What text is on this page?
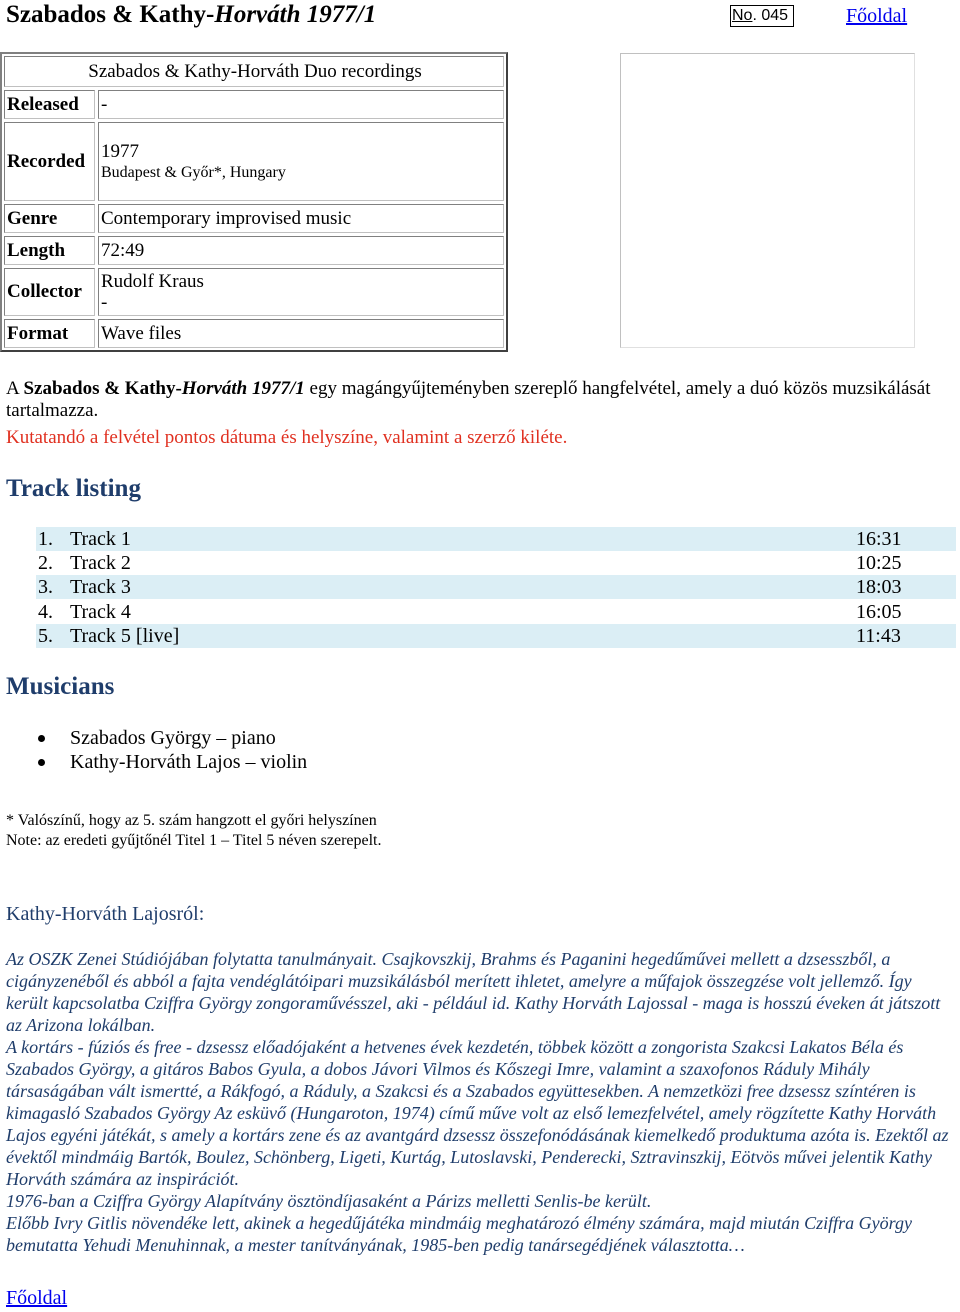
Szabados & Kathy-Horváth 1977/1	No. 045	Főoldal
Szabados & Kathy-Horváth Duo recordings
Released	-
Recorded 1977
Budapest & Győr*, Hungary
Genre	Contemporary improvised music
Length	72:49
Collector	Rudolf Kraus
-
Format	Wave files
A Szabados & Kathy-Horváth 1977/1 egy magángyűjteményben szereplő hangfelvétel, amely a duó közös muzsikálását tartalmazza.
Kutatandó a felvétel pontos dátuma és helyszíne, valamint a szerző kiléte.
Track listing
1. Track 1	16:31
2. Track 2	10:25
3. Track 3	18:03
4. Track 4	16:05
5. Track 5 [live]	11:43
Musicians
Szabados György – piano
Kathy-Horváth Lajos – violin
* Valószínű, hogy az 5. szám hangzott el győri helyszínen
Note: az eredeti gyűjtőnél Titel 1 – Titel 5 néven szerepelt.
Kathy-Horváth Lajosról:

Az OSZK Zenei Stúdiójában folytatta tanulmányait. Csajkovszkij, Brahms és Paganini hegedűművei mellett a dzsesszből, a cigányzenéből és abból a fajta vendéglátóipari muzsikálásból merített ihletet, amelyre a műfajok összegzése volt jellemző. Így került kapcsolatba Cziffra György zongoraművésszel, aki - például id. Kathy Horváth Lajossal - maga is hosszú éveken át játszott az Arizona lokálban.

A kortárs - fúziós és free - dzsessz előadójaként a hetvenes évek kezdetén, többek között a zongorista Szakcsi Lakatos Béla és Szabados György, a gitáros Babos Gyula, a dobos Jávori Vilmos és Kőszegi Imre, valamint a szaxofonos Ráduly Mihály társaságában vált ismertté, a Rákfogó, a Ráduly, a Szakcsi és a Szabados együttesekben. A nemzetközi free dzsessz színtéren is kimagasló Szabados György Az esküvő (Hungaroton, 1974) című műve volt az első lemezfelvétel, amely rögzítette Kathy Horváth Lajos egyéni játékát, s amely a kortárs zene és az avantgárd dzsessz összefonódásának kiemelkedő produktuma azóta is. Ezektől az évektől mindmáig Bartók, Boulez, Schönberg, Ligeti, Kurtág, Lutoslavski, Penderecki, Sztravinszkij, Eötvös művei jelentik Kathy Horváth számára az inspirációt.

1976-ban a Cziffra György Alapítvány ösztöndíjasaként a Párizs melletti Senlis-be került.

Előbb Ivry Gitlis növendéke lett, akinek a hegedűjátéka mindmáig meghatározó élmény számára, majd miután Cziffra György bemutatta Yehudi Menuhinnak, a mester tanítványának, 1985-ben pedig tanársegédjének választotta…

Főoldal
